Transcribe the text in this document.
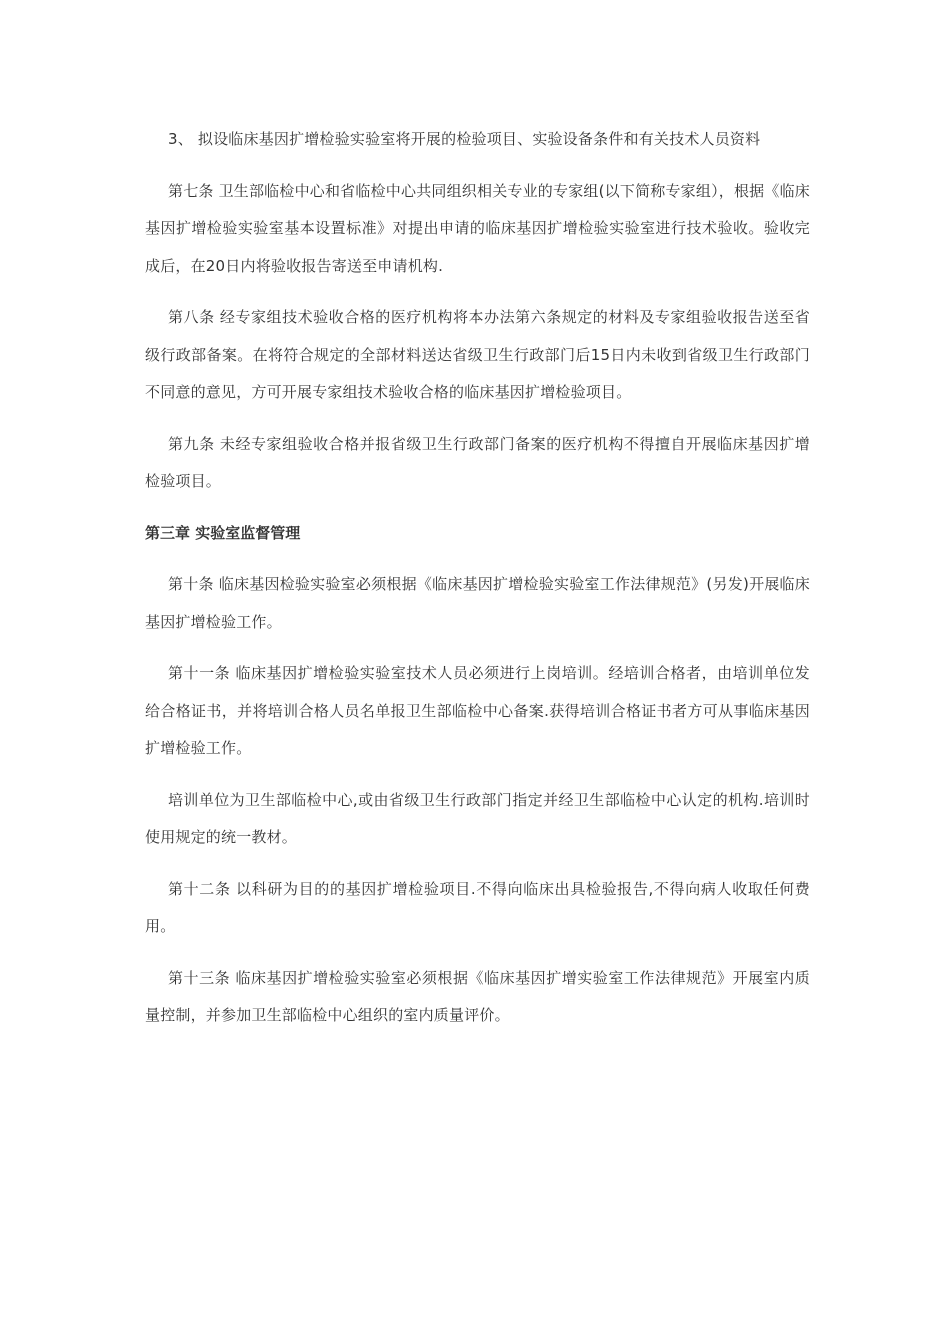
3、 拟设临床基因扩增检验实验室将开展的检验项目、实验设备条件和有关技术人员资料

第七条 卫生部临检中心和省临检中心共同组织相关专业的专家组(以下简称专家组），根据《临床基因扩增检验实验室基本设置标准》对提出申请的临床基因扩增检验实验室进行技术验收。验收完成后，在20日内将验收报告寄送至申请机构.

第八条 经专家组技术验收合格的医疗机构将本办法第六条规定的材料及专家组验收报告送至省级行政部备案。在将符合规定的全部材料送达省级卫生行政部门后15日内未收到省级卫生行政部门不同意的意见，方可开展专家组技术验收合格的临床基因扩增检验项目。

第九条 未经专家组验收合格并报省级卫生行政部门备案的医疗机构不得擅自开展临床基因扩增检验项目。

第三章 实验室监督管理

第十条 临床基因检验实验室必须根据《临床基因扩增检验实验室工作法律规范》(另发)开展临床基因扩增检验工作。

第十一条 临床基因扩增检验实验室技术人员必须进行上岗培训。经培训合格者，由培训单位发给合格证书，并将培训合格人员名单报卫生部临检中心备案.获得培训合格证书者方可从事临床基因扩增检验工作。

培训单位为卫生部临检中心,或由省级卫生行政部门指定并经卫生部临检中心认定的机构.培训时使用规定的统一教材。

第十二条 以科研为目的的基因扩增检验项目.不得向临床出具检验报告,不得向病人收取任何费用。

第十三条 临床基因扩增检验实验室必须根据《临床基因扩增实验室工作法律规范》开展室内质量控制，并参加卫生部临检中心组织的室内质量评价。
